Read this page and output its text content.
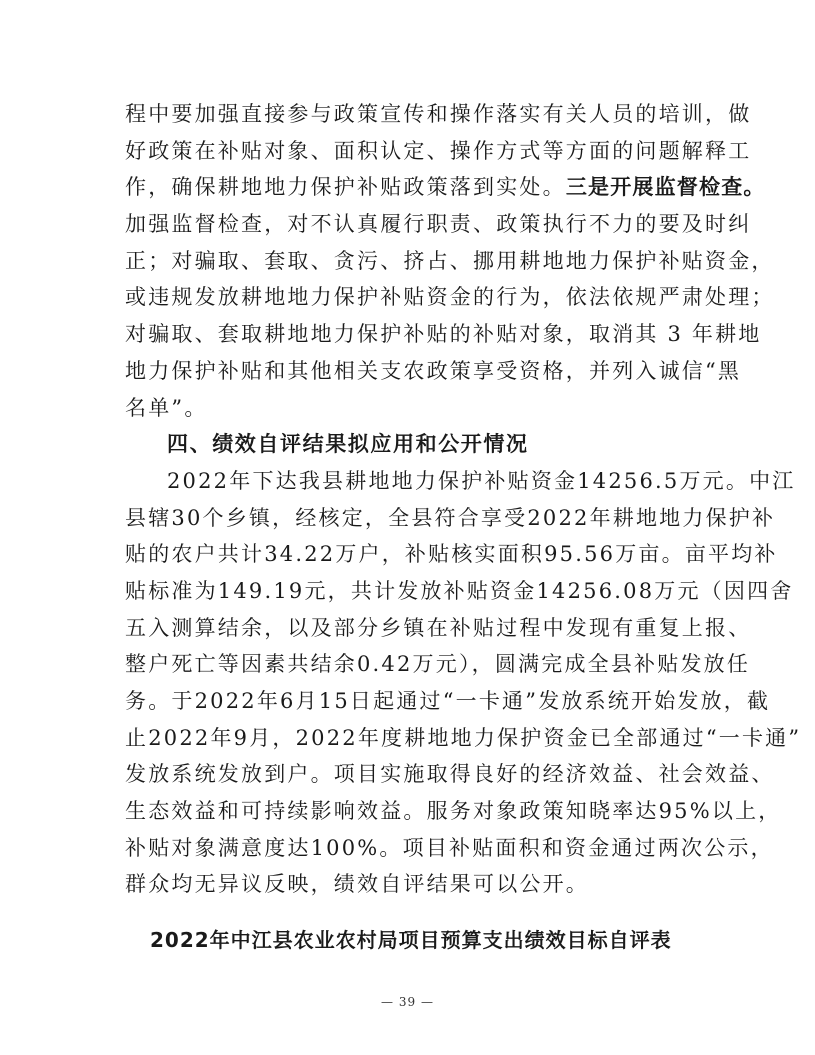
程中要加强直接参与政策宣传和操作落实有关人员的培训，做
好政策在补贴对象、面积认定、操作方式等方面的问题解释工
作，确保耕地地力保护补贴政策落到实处。三是开展监督检查。
加强监督检查，对不认真履行职责、政策执行不力的要及时纠
正；对骗取、套取、贪污、挤占、挪用耕地地力保护补贴资金，
或违规发放耕地地力保护补贴资金的行为，依法依规严肃处理；
对骗取、套取耕地地力保护补贴的补贴对象，取消其 3 年耕地
地力保护补贴和其他相关支农政策享受资格，并列入诚信“黑
名单”。
四、绩效自评结果拟应用和公开情况
2022年下达我县耕地地力保护补贴资金14256.5万元。中江
县辖30个乡镇，经核定，全县符合享受2022年耕地地力保护补
贴的农户共计34.22万户，补贴核实面积95.56万亩。亩平均补
贴标准为149.19元，共计发放补贴资金14256.08万元（因四舍
五入测算结余，以及部分乡镇在补贴过程中发现有重复上报、
整户死亡等因素共结余0.42万元），圆满完成全县补贴发放任
务。于2022年6月15日起通过“一卡通”发放系统开始发放，截
止2022年9月，2022年度耕地地力保护资金已全部通过“一卡通”
发放系统发放到户。项目实施取得良好的经济效益、社会效益、
生态效益和可持续影响效益。服务对象政策知晓率达95%以上，
补贴对象满意度达100%。项目补贴面积和资金通过两次公示，
群众均无异议反映，绩效自评结果可以公开。
2022年中江县农业农村局项目预算支出绩效目标自评表
— 39 —
